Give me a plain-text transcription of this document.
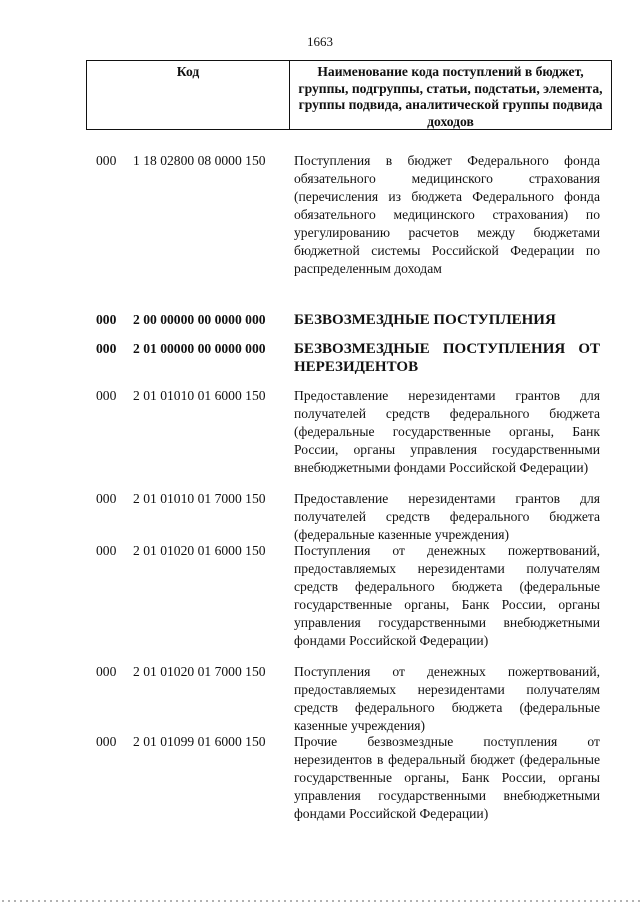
1663
Код	Наименование кода поступлений в бюджет, группы, подгруппы, статьи, подстатьи, элемента, группы подвида, аналитической группы подвида доходов
000	1 18 02800 08 0000 150	Поступления в бюджет Федерального фонда обязательного медицинского страхования (перечисления из бюджета Федерального фонда обязательного медицинского страхования) по урегулированию расчетов между бюджетами бюджетной системы Российской Федерации по распределенным доходам
000	2 00 00000 00 0000 000	БЕЗВОЗМЕЗДНЫЕ ПОСТУПЛЕНИЯ
000	2 01 00000 00 0000 000	БЕЗВОЗМЕЗДНЫЕ ПОСТУПЛЕНИЯ ОТ НЕРЕЗИДЕНТОВ
000	2 01 01010 01 6000 150	Предоставление нерезидентами грантов для получателей средств федерального бюджета (федеральные государственные органы, Банк России, органы управления государственными внебюджетными фондами Российской Федерации)
000	2 01 01010 01 7000 150	Предоставление нерезидентами грантов для получателей средств федерального бюджета (федеральные казенные учреждения)
000	2 01 01020 01 6000 150	Поступления от денежных пожертвований, предоставляемых нерезидентами получателям средств федерального бюджета (федеральные государственные органы, Банк России, органы управления государственными внебюджетными фондами Российской Федерации)
000	2 01 01020 01 7000 150	Поступления от денежных пожертвований, предоставляемых нерезидентами получателям средств федерального бюджета (федеральные казенные учреждения)
000	2 01 01099 01 6000 150	Прочие безвозмездные поступления от нерезидентов в федеральный бюджет (федеральные государственные органы, Банк России, органы управления государственными внебюджетными фондами Российской Федерации)
